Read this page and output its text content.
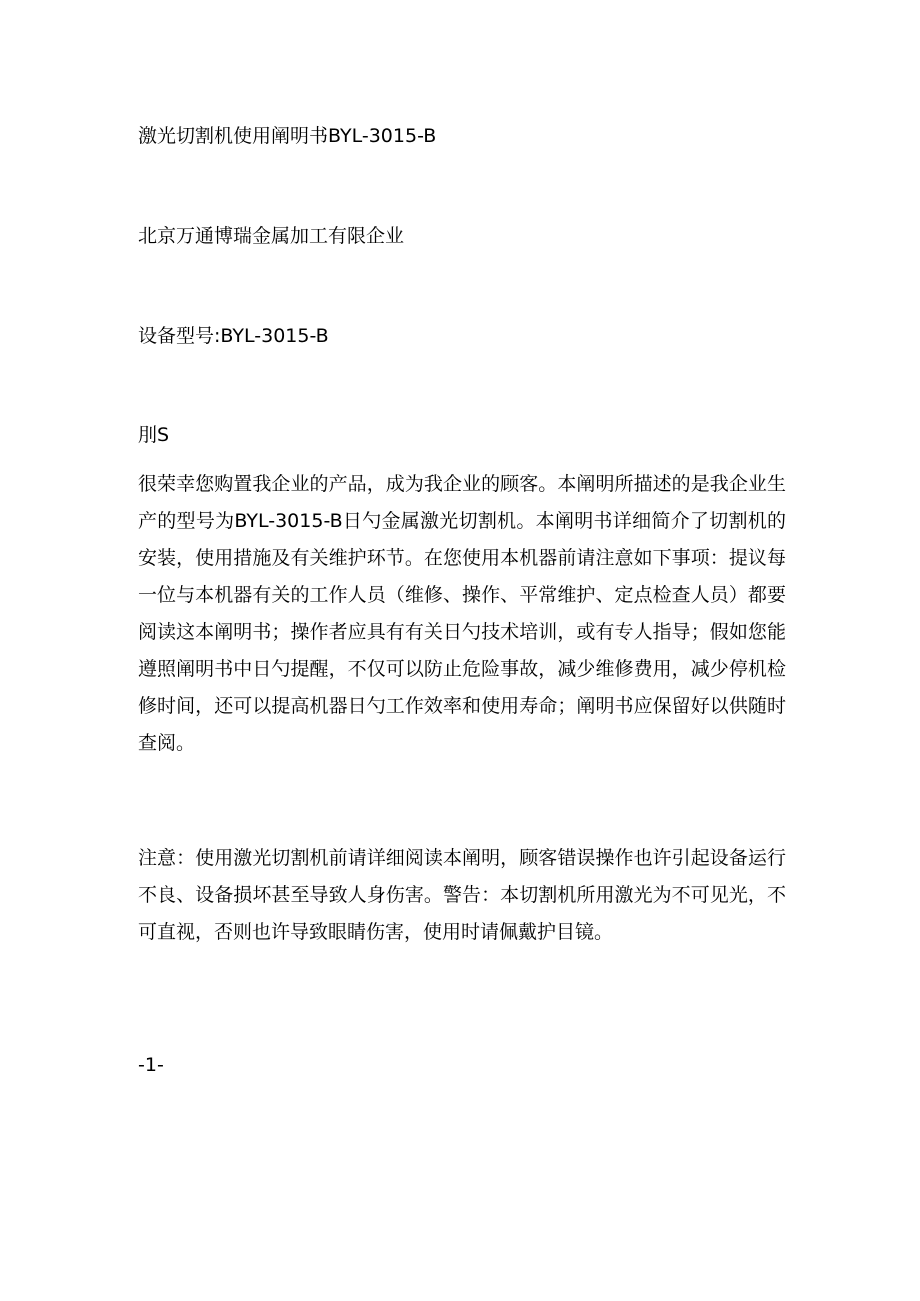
激光切割机使用阐明书BYL-3015-B
北京万通博瑞金属加工有限企业
设备型号:BYL-3015-B
刖S

很荣幸您购置我企业的产品，成为我企业的顾客。本阐明所描述的是我企业生产的型号为BYL-3015-B日勺金属激光切割机。本阐明书详细简介了切割机的安装，使用措施及有关维护环节。在您使用本机器前请注意如下事项：提议每一位与本机器有关的工作人员（维修、操作、平常维护、定点检查人员）都要阅读这本阐明书；操作者应具有有关日勺技术培训，或有专人指导；假如您能遵照阐明书中日勺提醒，不仅可以防止危险事故，减少维修费用，减少停机检修时间，还可以提高机器日勺工作效率和使用寿命；阐明书应保留好以供随时查阅。

注意：使用激光切割机前请详细阅读本阐明，顾客错误操作也许引起设备运行不良、设备损坏甚至导致人身伤害。警告：本切割机所用激光为不可见光，不可直视，否则也许导致眼睛伤害，使用时请佩戴护目镜。

-1-
